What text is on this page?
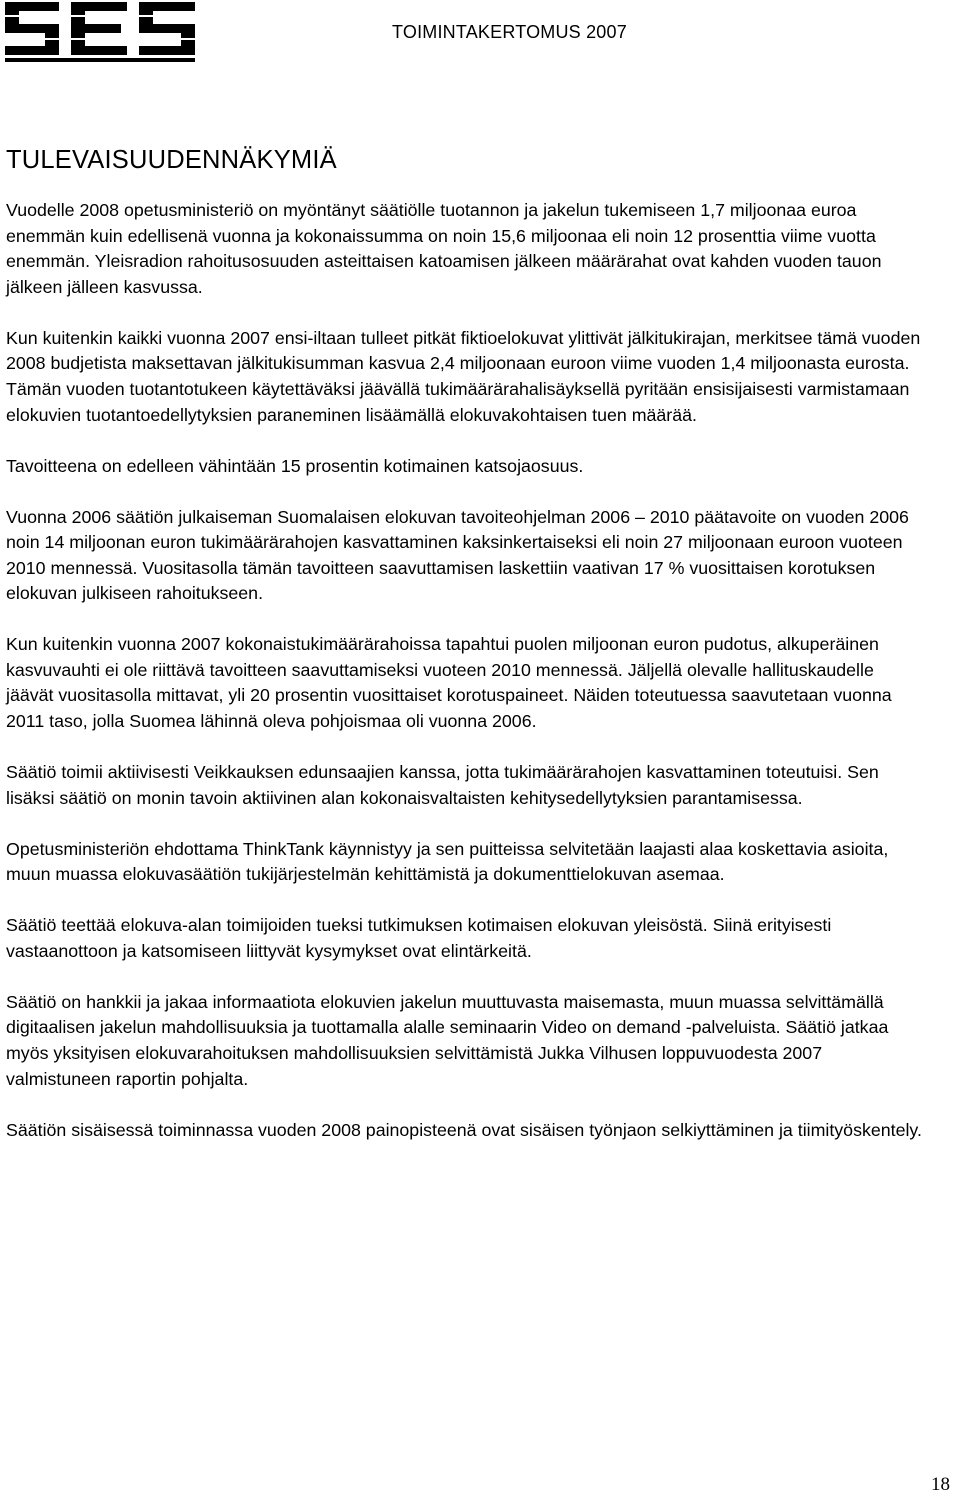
TOIMINTAKERTOMUS 2007
TULEVAISUUDENNÄKYMIÄ

Vuodelle 2008 opetusministeriö on myöntänyt säätiölle tuotannon ja jakelun tukemiseen 1,7 miljoonaa euroa enemmän kuin edellisenä vuonna ja kokonaissumma on noin 15,6 miljoonaa eli noin 12 prosenttia viime vuotta enemmän. Yleisradion rahoitusosuuden asteittaisen katoamisen jälkeen määrärahat ovat kahden vuoden tauon jälkeen jälleen kasvussa.

Kun kuitenkin kaikki vuonna 2007 ensi-iltaan tulleet pitkät fiktioelokuvat ylittivät jälkitukirajan, merkitsee tämä vuoden 2008 budjetista maksettavan jälkitukisumman kasvua 2,4 miljoonaan euroon viime vuoden 1,4 miljoonasta eurosta. Tämän vuoden tuotantotukeen käytettäväksi jäävällä tukimäärärahalisäyksellä pyritään ensisijaisesti varmistamaan elokuvien tuotantoedellytyksien paraneminen lisäämällä elokuvakohtaisen tuen määrää.

Tavoitteena on edelleen vähintään 15 prosentin kotimainen katsojaosuus.

Vuonna 2006 säätiön julkaiseman Suomalaisen elokuvan tavoiteohjelman 2006 – 2010 päätavoite on vuoden 2006 noin 14 miljoonan euron tukimäärärahojen kasvattaminen kaksinkertaiseksi eli noin 27 miljoonaan euroon vuoteen 2010 mennessä. Vuositasolla tämän tavoitteen saavuttamisen laskettiin vaativan 17 % vuosittaisen korotuksen elokuvan julkiseen rahoitukseen.

Kun kuitenkin vuonna 2007 kokonaistukimäärärahoissa tapahtui puolen miljoonan euron pudotus, alkuperäinen kasvuvauhti ei ole riittävä tavoitteen saavuttamiseksi vuoteen 2010 mennessä. Jäljellä olevalle hallituskaudelle jäävät vuositasolla mittavat, yli 20 prosentin vuosittaiset korotuspaineet. Näiden toteutuessa saavutetaan vuonna 2011 taso, jolla Suomea lähinnä oleva pohjoismaa oli vuonna 2006.

Säätiö toimii aktiivisesti Veikkauksen edunsaajien kanssa, jotta tukimäärärahojen kasvattaminen toteutuisi. Sen lisäksi säätiö on monin tavoin aktiivinen alan kokonaisvaltaisten kehitysedellytyksien parantamisessa.

Opetusministeriön ehdottama ThinkTank käynnistyy ja sen puitteissa selvitetään laajasti alaa koskettavia asioita, muun muassa elokuvasäätiön tukijärjestelmän kehittämistä ja dokumenttielokuvan asemaa.

Säätiö teettää elokuva-alan toimijoiden tueksi tutkimuksen kotimaisen elokuvan yleisöstä. Siinä erityisesti vastaanottoon ja katsomiseen liittyvät kysymykset ovat elintärkeitä.

Säätiö on hankkii ja jakaa informaatiota elokuvien jakelun muuttuvasta maisemasta, muun muassa selvittämällä digitaalisen jakelun mahdollisuuksia ja tuottamalla alalle seminaarin Video on demand -palveluista. Säätiö jatkaa myös yksityisen elokuvarahoituksen mahdollisuuksien selvittämistä Jukka Vilhusen loppuvuodesta 2007 valmistuneen raportin pohjalta.

Säätiön sisäisessä toiminnassa vuoden 2008 painopisteenä ovat sisäisen työnjaon selkiyttäminen ja tiimityöskentely.

18
